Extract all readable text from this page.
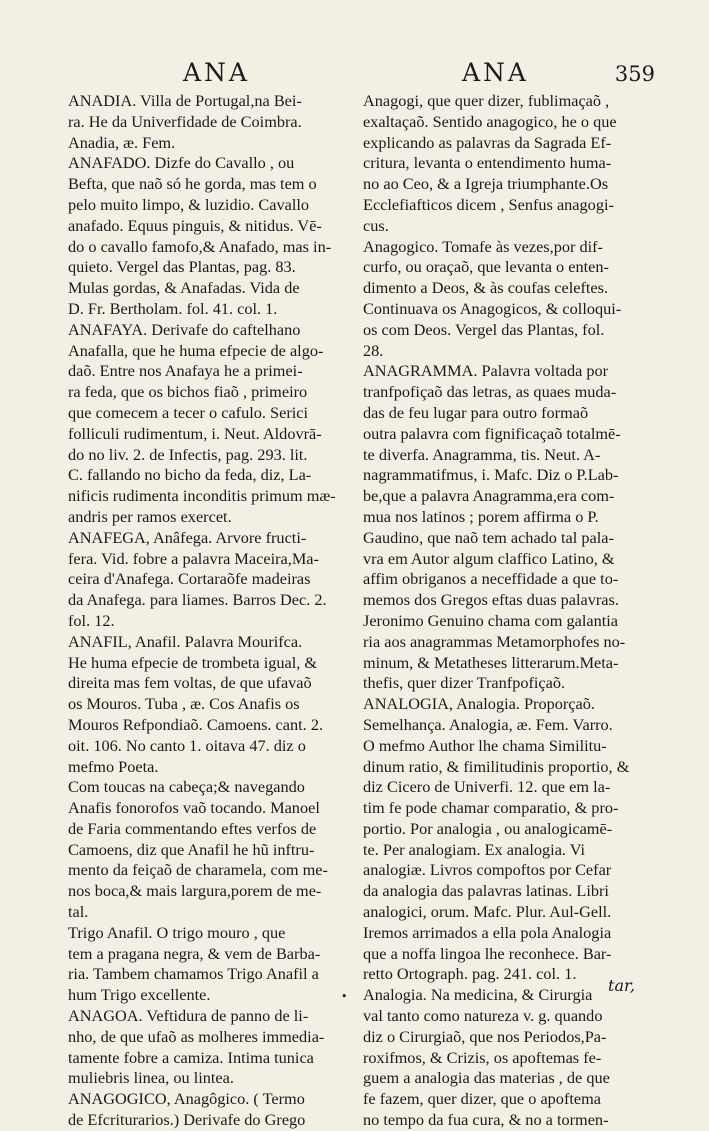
ANA	ANA	359
ANADIA. Villa de Portugal,na Bei-
ra. He da Univerfidade de Coimbra.
Anadia, æ. Fem.
ANAFADO. Dizfe do Cavallo , ou
Befta, que naõ só he gorda, mas tem o
pelo muito limpo, & luzidio. Cavallo
anafado. Equus pinguis, & nitidus. Vē-
do o cavallo famofo,& Anafado, mas in-
quieto. Vergel das Plantas, pag. 83.
Mulas gordas, & Anafadas. Vida de
D. Fr. Bertholam. fol. 41. col. 1.
ANAFAYA. Derivafe do caftelhano
Anafalla, que he huma efpecie de algo-
daõ. Entre nos Anafaya he a primei-
ra feda, que os bichos fiaõ , primeiro
que comecem a tecer o cafulo. Serici
folliculi rudimentum, i. Neut. Aldovrā-
do no liv. 2. de Infectis, pag. 293. lit.
C. fallando no bicho da feda, diz, La-
nificis rudimenta inconditis primum mæ-
andris per ramos exercet.
ANAFEGA, Anâfega. Arvore fructi-
fera. Vid. fobre a palavra Maceira,Ma-
ceira d'Anafega. Cortaraõfe madeiras
da Anafega. para liames. Barros Dec. 2.
fol. 12.
ANAFIL, Anafil. Palavra Mourifca.
He huma efpecie de trombeta igual, &
direita mas fem voltas, de que ufavaõ
os Mouros. Tuba , æ. Cos Anafis os
Mouros Refpondiaõ. Camoens. cant. 2.
oit. 106. No canto 1. oitava 47. diz o
mefmo Poeta.
Com toucas na cabeça;& navegando
Anafis fonorofos vaõ tocando. Manoel
de Faria commentando eftes verfos de
Camoens, diz que Anafil he hũ inftru-
mento da feiçaõ de charamela, com me-
nos boca,& mais largura,porem de me-
tal.
Trigo Anafil. O trigo mouro , que
tem a pragana negra, & vem de Barba-
ria. Tambem chamamos Trigo Anafil a
hum Trigo excellente.
ANAGOA. Veftidura de panno de li-
nho, de que ufaõ as molheres immedia-
tamente fobre a camiza. Intima tunica
muliebris linea, ou lintea.
ANAGOGICO, Anagôgico. ( Termo
de Efcriturarios.) Derivafe do Grego
Anagogi, que quer dizer, fublimaçaõ ,
exaltaçaõ. Sentido anagogico, he o que
explicando as palavras da Sagrada Ef-
critura, levanta o entendimento huma-
no ao Ceo, & a Igreja triumphante.Os
Ecclefiafticos dicem , Senfus anagogi-
cus.
Anagogico. Tomafe às vezes,por dif-
curfo, ou oraçaõ, que levanta o enten-
dimento a Deos, & às coufas celeftes.
Continuava os Anagogicos, & colloqui-
os com Deos. Vergel das Plantas, fol.
28.
ANAGRAMMA. Palavra voltada por
tranfpofiçaõ das letras, as quaes muda-
das de feu lugar para outro formaõ
outra palavra com fignificaçaõ totalmē-
te diverfa. Anagramma, tis. Neut. A-
nagrammatifmus, i. Mafc. Diz o P.Lab-
be,que a palavra Anagramma,era com-
mua nos latinos ; porem affirma o P.
Gaudino, que naõ tem achado tal pala-
vra em Autor algum claffico Latino, &
affim obriganos a neceffidade a que to-
memos dos Gregos eftas duas palavras.
Jeronimo Genuino chama com galantia
ria aos anagrammas Metamorphofes no-
minum, & Metatheses litterarum.Meta-
thefis, quer dizer Tranfpofiçaõ.
ANALOGIA, Analogia. Proporçaõ.
Semelhança. Analogia, æ. Fem. Varro.
O mefmo Author lhe chama Similitu-
dinum ratio, & fimilitudinis proportio, &
diz Cicero de Univerfi. 12. que em la-
tim fe pode chamar comparatio, & pro-
portio. Por analogia , ou analogicamē-
te. Per analogiam. Ex analogia. Vi
analogiæ. Livros compoftos por Cefar
da analogia das palavras latinas. Libri
analogici, orum. Mafc. Plur. Aul-Gell.
Iremos arrimados a ella pola Analogia
que a noffa lingoa lhe reconhece. Bar-
retto Ortograph. pag. 241. col. 1.
Analogia. Na medicina, & Cirurgia
val tanto como natureza v. g. quando
diz o Cirurgiaõ, que nos Periodos,Pa-
roxifmos, & Crizis, os apoftemas fe-
guem a analogia das materias , de que
fe fazem, quer dizer, que o apoftema
no tempo da fua cura, & no a tormen-
tar,
•
